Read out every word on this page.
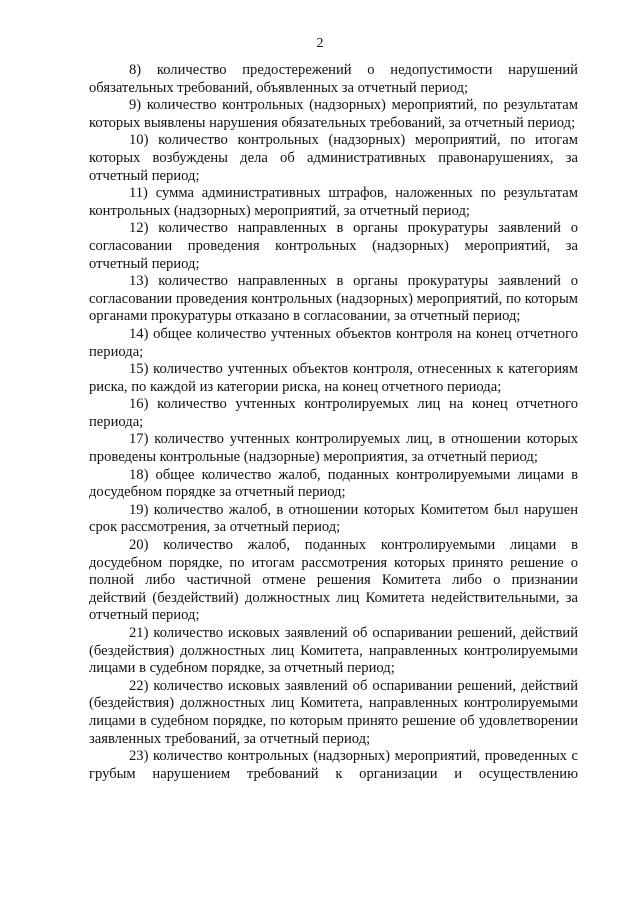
2

8) количество предостережений о недопустимости нарушений обязательных требований, объявленных за отчетный период;

9) количество контрольных (надзорных) мероприятий, по результатам которых выявлены нарушения обязательных требований, за отчетный период;

10) количество контрольных (надзорных) мероприятий, по итогам которых возбуждены дела об административных правонарушениях, за отчетный период;

11) сумма административных штрафов, наложенных по результатам контрольных (надзорных) мероприятий, за отчетный период;

12) количество направленных в органы прокуратуры заявлений о согласовании проведения контрольных (надзорных) мероприятий, за отчетный период;

13) количество направленных в органы прокуратуры заявлений о согласовании проведения контрольных (надзорных) мероприятий, по которым органами прокуратуры отказано в согласовании, за отчетный период;

14) общее количество учтенных объектов контроля на конец отчетного периода;

15) количество учтенных объектов контроля, отнесенных к категориям риска, по каждой из категории риска, на конец отчетного периода;

16) количество учтенных контролируемых лиц на конец отчетного периода;

17) количество учтенных контролируемых лиц, в отношении которых проведены контрольные (надзорные) мероприятия, за отчетный период;

18) общее количество жалоб, поданных контролируемыми лицами в досудебном порядке за отчетный период;

19) количество жалоб, в отношении которых Комитетом был нарушен срок рассмотрения, за отчетный период;

20) количество жалоб, поданных контролируемыми лицами в досудебном порядке, по итогам рассмотрения которых принято решение о полной либо частичной отмене решения Комитета либо о признании действий (бездействий) должностных лиц Комитета недействительными, за отчетный период;

21) количество исковых заявлений об оспаривании решений, действий (бездействия) должностных лиц Комитета, направленных контролируемыми лицами в судебном порядке, за отчетный период;

22) количество исковых заявлений об оспаривании решений, действий (бездействия) должностных лиц Комитета, направленных контролируемыми лицами в судебном порядке, по которым принято решение об удовлетворении заявленных требований, за отчетный период;

23) количество контрольных (надзорных) мероприятий, проведенных с грубым нарушением требований к организации и осуществлению
